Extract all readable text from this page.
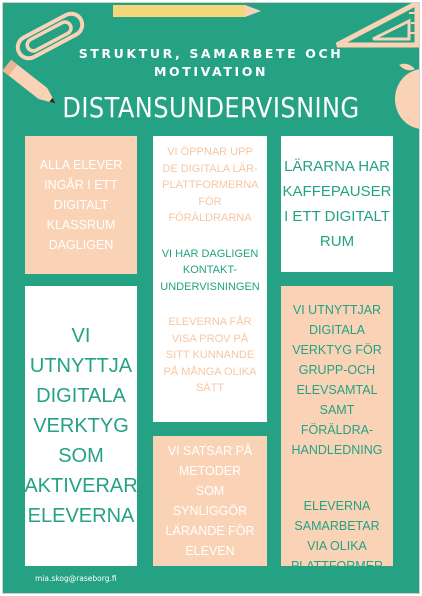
STRUKTUR, SAMARBETE OCH
MOTIVATION
DISTANSUNDERVISNING
ALLA ELEVER INGÅR I ETT DIGITALT KLASSRUM DAGLIGEN
VI ÖPPNAR UPP DE DIGITALA LÄR-PLATTFORMERNA FÖR FÖRÄLDRARNA
VI HAR DAGLIGEN KONTAKT-UNDERVISNINGEN
ELEVERNA FÅR VISA PROV PÅ SITT KUNNANDE PÅ MÅNGA OLIKA SÄTT
LÄRARNA HAR KAFFEPAUSER I ETT DIGITALT RUM
VI UTNYTTJA DIGITALA VERKTYG SOM AKTIVERAR ELEVERNA
VI SATSAR PÅ METODER SOM SYNLIGGÖR LÄRANDE FÖR ELEVEN
VI UTNYTTJAR DIGITALA VERKTYG FÖR GRUPP-OCH ELEVSAMTAL SAMT FÖRÄLDRA-HANDLEDNING
ELEVERNA SAMARBETAR VIA OLIKA PLATTFORMER
mia.skog@raseborg.fi
